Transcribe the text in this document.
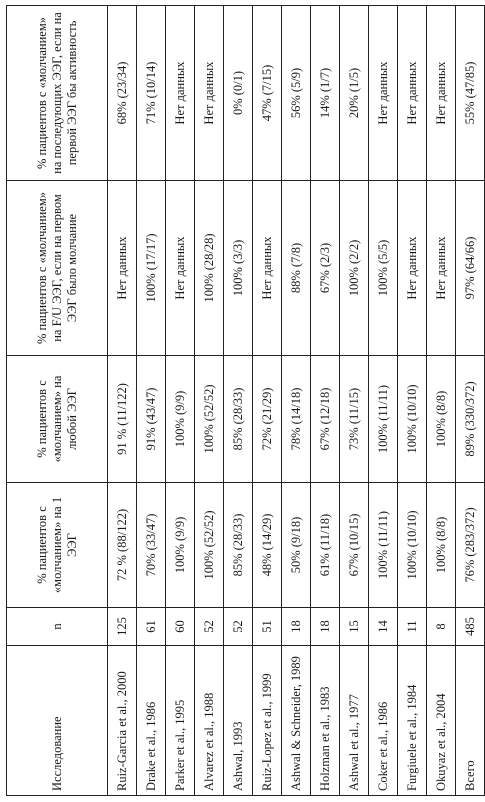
Исследование	n	% пациентов с «молчанием» на 1 ЭЭГ	% пациентов с «молчанием» на любой ЭЭГ	% пациентов с «молчанием» на F/U ЭЭГ, если на первом ЭЭГ было молчание	% пациентов с «молчанием» на последующих ЭЭГ, если на первой ЭЭГ бы активность
Ruiz-Garcia et al., 2000	125	72 % (88/122)	91 % (11/122)	Нет данных	68% (23/34)
Drake et al., 1986	61	70% (33/47)	91% (43/47)	100% (17/17)	71% (10/14)
Parker et al., 1995	60	100% (9/9)	100% (9/9)	Нет данных	Нет данных
Alvarez et al., 1988	52	100% (52/52)	100% (52/52)	100% (28/28)	Нет данных
Ashwal, 1993	52	85% (28/33)	85% (28/33)	100% (3/3)	0% (0/1)
Ruiz-Lopez et al., 1999	51	48% (14/29)	72% (21/29)	Нет данных	47% (7/15)
Ashwal & Schneider, 1989	18	50% (9/18)	78% (14/18)	88% (7/8)	56% (5/9)
Holzman et al., 1983	18	61% (11/18)	67% (12/18)	67% (2/3)	14% (1/7)
Ashwal et al., 1977	15	67% (10/15)	73% (11/15)	100% (2/2)	20% (1/5)
Coker et al., 1986	14	100% (11/11)	100% (11/11)	100% (5/5)	Нет данных
Furgiuele et al., 1984	11	100% (10/10)	100% (10/10)	Нет данных	Нет данных
Okuyaz et al., 2004	8	100% (8/8)	100% (8/8)	Нет данных	Нет данных
Всего	485	76% (283/372)	89% (330/372)	97% (64/66)	55% (47/85)
